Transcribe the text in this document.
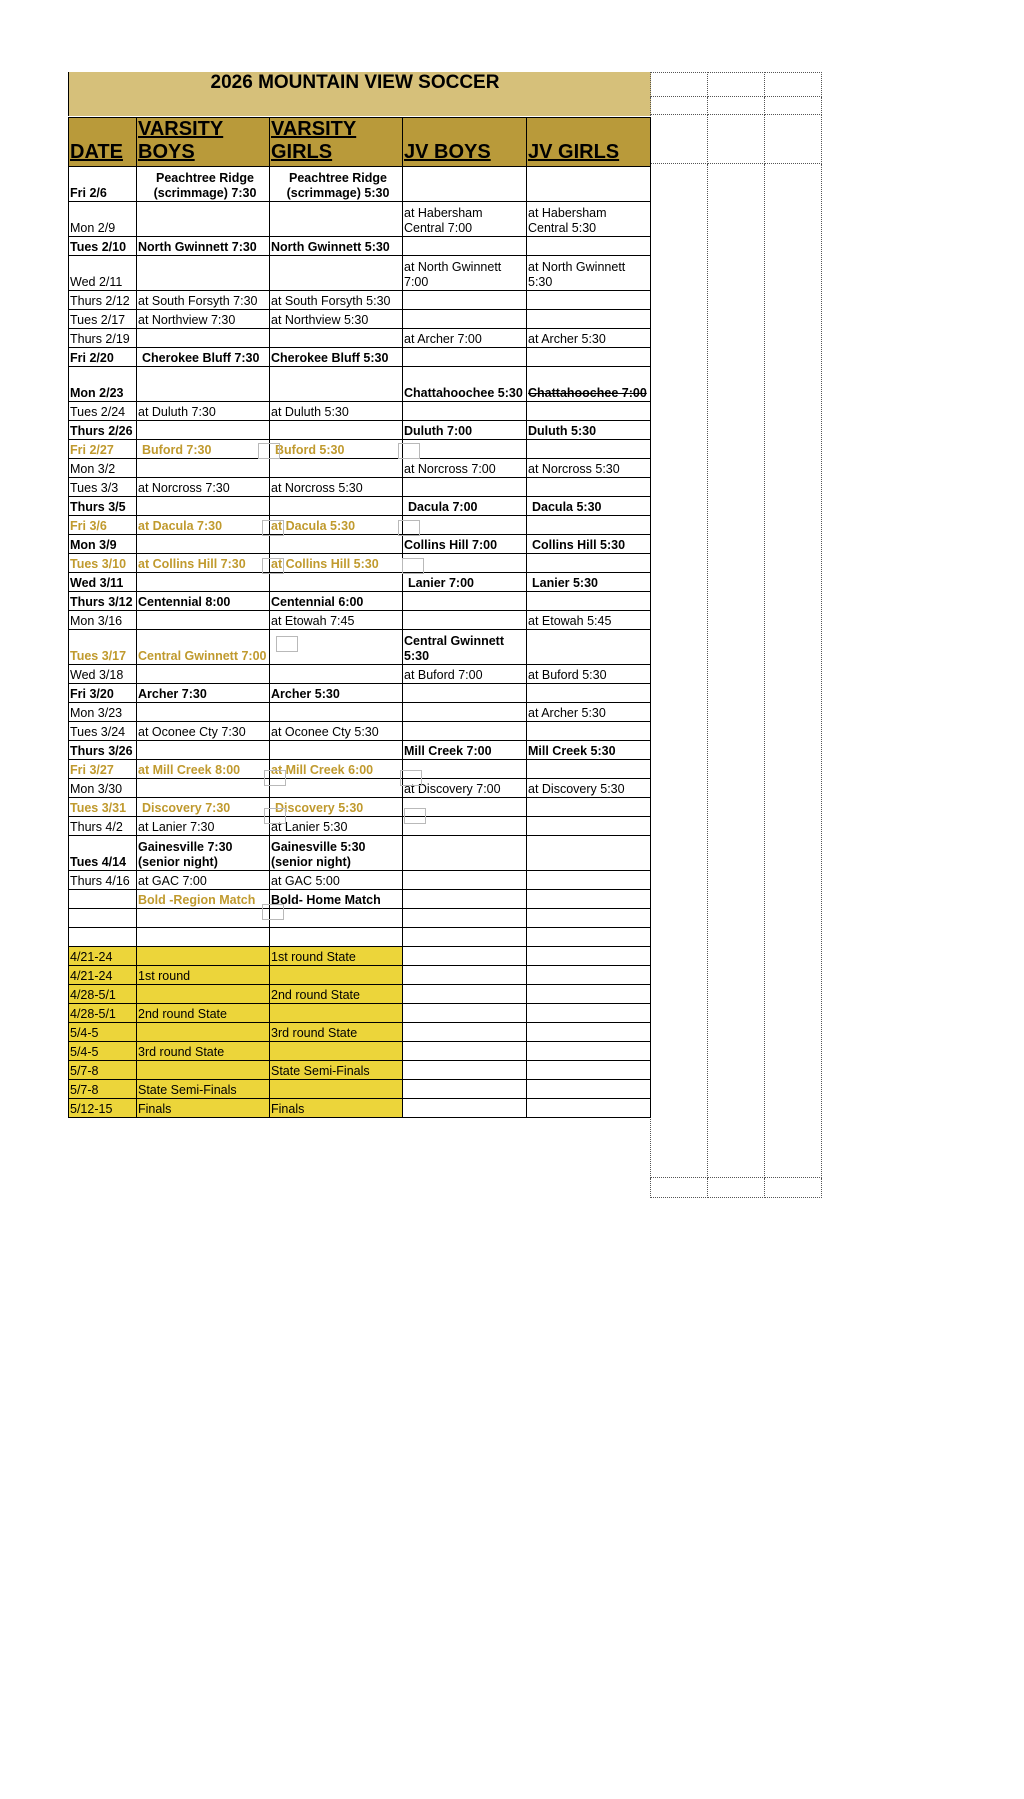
2026 MOUNTAIN VIEW SOCCER

DATE	VARSITY BOYS	VARSITY GIRLS	JV BOYS	JV GIRLS
Fri 2/6	Peachtree Ridge (scrimmage) 7:30	Peachtree Ridge (scrimmage) 5:30		
Mon 2/9			at Habersham Central 7:00	at Habersham Central 5:30
Tues 2/10	North Gwinnett 7:30	North Gwinnett 5:30		
Wed 2/11			at North Gwinnett 7:00	at North Gwinnett 5:30
Thurs 2/12	at South Forsyth 7:30	at South Forsyth 5:30		
Tues 2/17	at Northview 7:30	at Northview 5:30		
Thurs 2/19			at Archer 7:00	at Archer 5:30
Fri 2/20	Cherokee Bluff 7:30	Cherokee Bluff 5:30		
Mon 2/23			Chattahoochee 5:30	Chattahoochee 7:00
Tues 2/24	at Duluth 7:30	at Duluth 5:30		
Thurs 2/26			Duluth 7:00	Duluth 5:30
Fri 2/27	Buford 7:30	Buford 5:30		
Mon 3/2			at Norcross 7:00	at Norcross 5:30
Tues 3/3	at Norcross 7:30	at Norcross 5:30		
Thurs 3/5			Dacula 7:00	Dacula 5:30
Fri 3/6	at Dacula 7:30	at Dacula 5:30		
Mon 3/9			Collins Hill 7:00	Collins Hill 5:30
Tues 3/10	at Collins Hill 7:30	at Collins Hill 5:30		
Wed 3/11			Lanier 7:00	Lanier 5:30
Thurs 3/12	Centennial 8:00	Centennial 6:00		
Mon 3/16		at Etowah 7:45		at Etowah 5:45
Tues 3/17	Central Gwinnett 7:00		Central Gwinnett 5:30	
Wed 3/18			at Buford 7:00	at Buford 5:30
Fri 3/20	Archer 7:30	Archer 5:30		
Mon 3/23				at Archer 5:30
Tues 3/24	at Oconee Cty 7:30	at Oconee Cty 5:30		
Thurs 3/26			Mill Creek 7:00	Mill Creek 5:30
Fri 3/27	at Mill Creek 8:00	at Mill Creek 6:00		
Mon 3/30			at Discovery 7:00	at Discovery 5:30
Tues 3/31	Discovery 7:30	Discovery 5:30		
Thurs 4/2	at Lanier 7:30	at Lanier 5:30		
Tues 4/14	Gainesville 7:30 (senior night)	Gainesville 5:30 (senior night)		
Thurs 4/16	at GAC 7:00	at GAC 5:00		
	Bold -Region Match	Bold- Home Match		

4/21-24		1st round State		
4/21-24	1st round			
4/28-5/1		2nd round State		
4/28-5/1	2nd round State			
5/4-5		3rd round State		
5/4-5	3rd round State			
5/7-8		State Semi-Finals		
5/7-8	State Semi-Finals			
5/12-15	Finals	Finals		
